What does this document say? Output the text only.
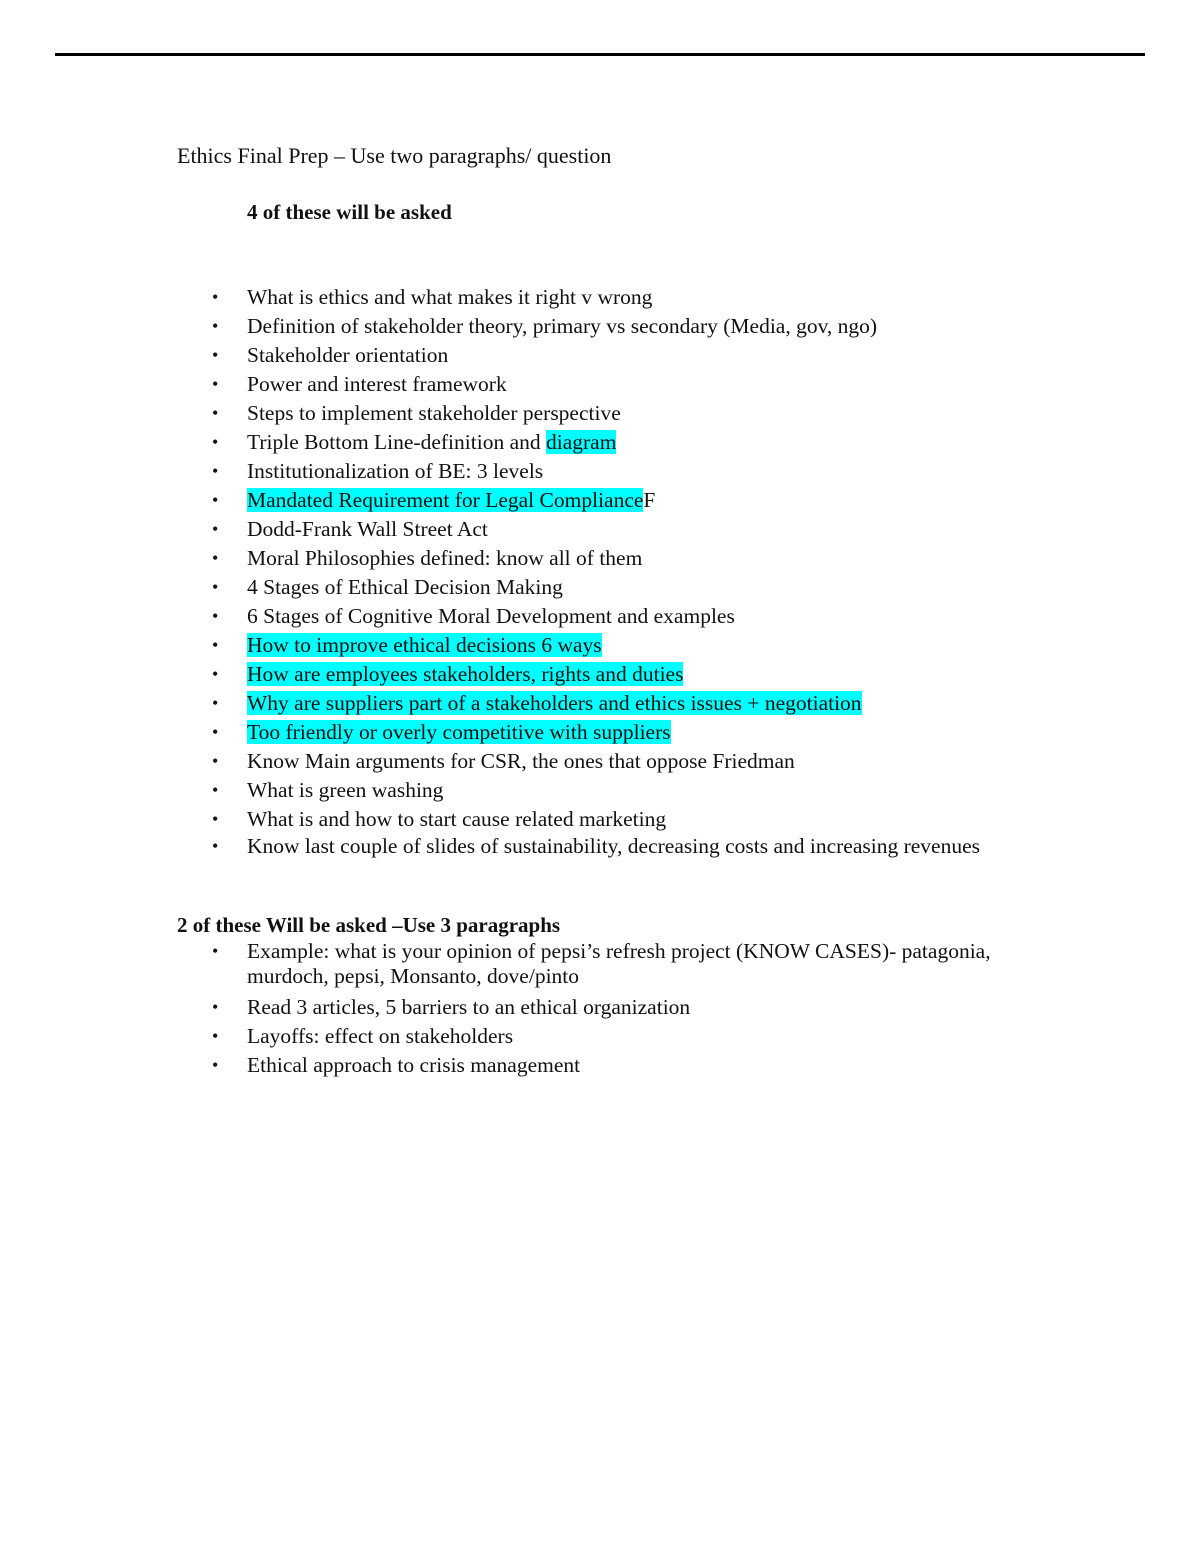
Ethics Final Prep – Use two paragraphs/ question
4 of these will be asked
• What is ethics and what makes it right v wrong
• Definition of stakeholder theory, primary vs secondary (Media, gov, ngo)
• Stakeholder orientation
• Power and interest framework
• Steps to implement stakeholder perspective
• Triple Bottom Line-definition and diagram
• Institutionalization of BE: 3 levels
• Mandated Requirement for Legal ComplianceF
• Dodd-Frank Wall Street Act
• Moral Philosophies defined: know all of them
• 4 Stages of Ethical Decision Making
• 6 Stages of Cognitive Moral Development and examples
• How to improve ethical decisions 6 ways
• How are employees stakeholders, rights and duties
• Why are suppliers part of a stakeholders and ethics issues + negotiation
• Too friendly or overly competitive with suppliers
• Know Main arguments for CSR, the ones that oppose Friedman
• What is green washing
• What is and how to start cause related marketing
• Know last couple of slides of sustainability, decreasing costs and increasing revenues
2 of these Will be asked –Use 3 paragraphs
• Example: what is your opinion of pepsi’s refresh project (KNOW CASES)- patagonia, murdoch, pepsi, Monsanto, dove/pinto
• Read 3 articles, 5 barriers to an ethical organization
• Layoffs: effect on stakeholders
• Ethical approach to crisis management
